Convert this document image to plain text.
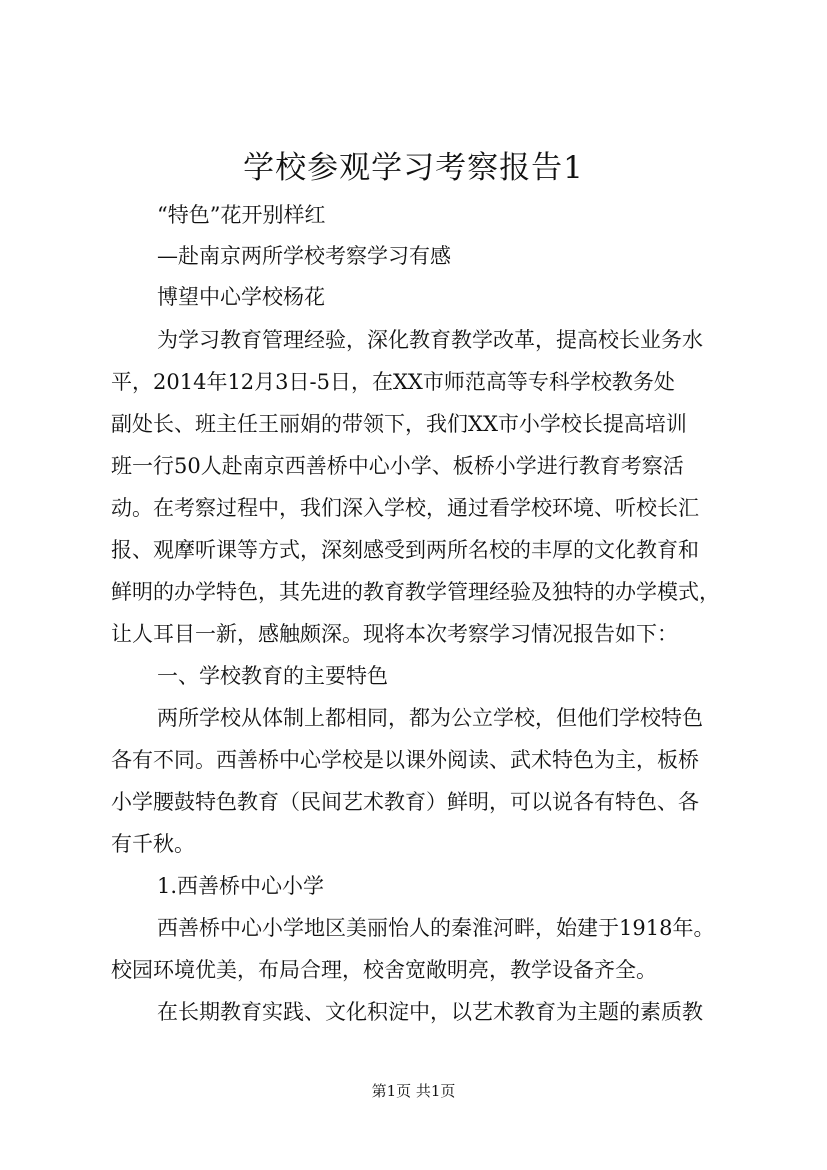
学校参观学习考察报告1
“特色”花开别样红
—赴南京两所学校考察学习有感
博望中心学校杨花
为学习教育管理经验，深化教育教学改革，提高校长业务水
平，2014年12月3日-5日，在XX市师范高等专科学校教务处
副处长、班主任王丽娟的带领下，我们XX市小学校长提高培训
班一行50人赴南京西善桥中心小学、板桥小学进行教育考察活
动。在考察过程中，我们深入学校，通过看学校环境、听校长汇
报、观摩听课等方式，深刻感受到两所名校的丰厚的文化教育和
鲜明的办学特色，其先进的教育教学管理经验及独特的办学模式，
让人耳目一新，感触颇深。现将本次考察学习情况报告如下：
一、学校教育的主要特色
两所学校从体制上都相同，都为公立学校，但他们学校特色
各有不同。西善桥中心学校是以课外阅读、武术特色为主，板桥
小学腰鼓特色教育（民间艺术教育）鲜明，可以说各有特色、各
有千秋。
1.西善桥中心小学
西善桥中心小学地区美丽怡人的秦淮河畔，始建于1918年。
校园环境优美，布局合理，校舍宽敞明亮，教学设备齐全。
在长期教育实践、文化积淀中，以艺术教育为主题的素质教
第1页 共1页
